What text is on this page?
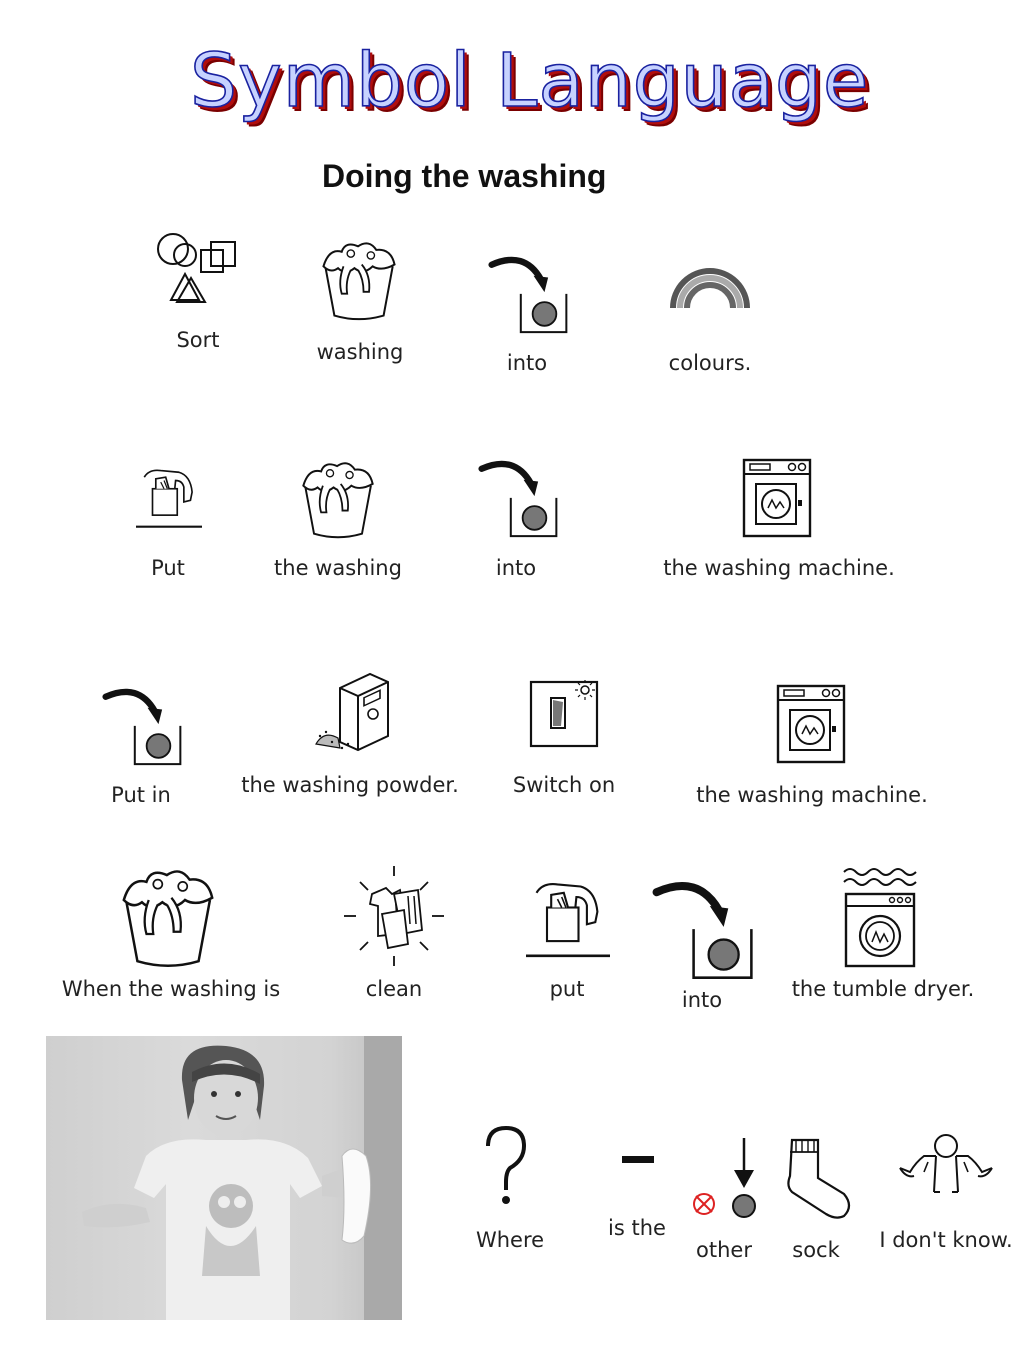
Symbol Language
Doing the washing
Sort	washing	into	colours.
Put	the washing	into	the washing machine.
Put in	the washing powder.	Switch on	the washing machine.
When the washing is	clean	put	into	the tumble dryer.
Where	is the
other sock I don't know.
